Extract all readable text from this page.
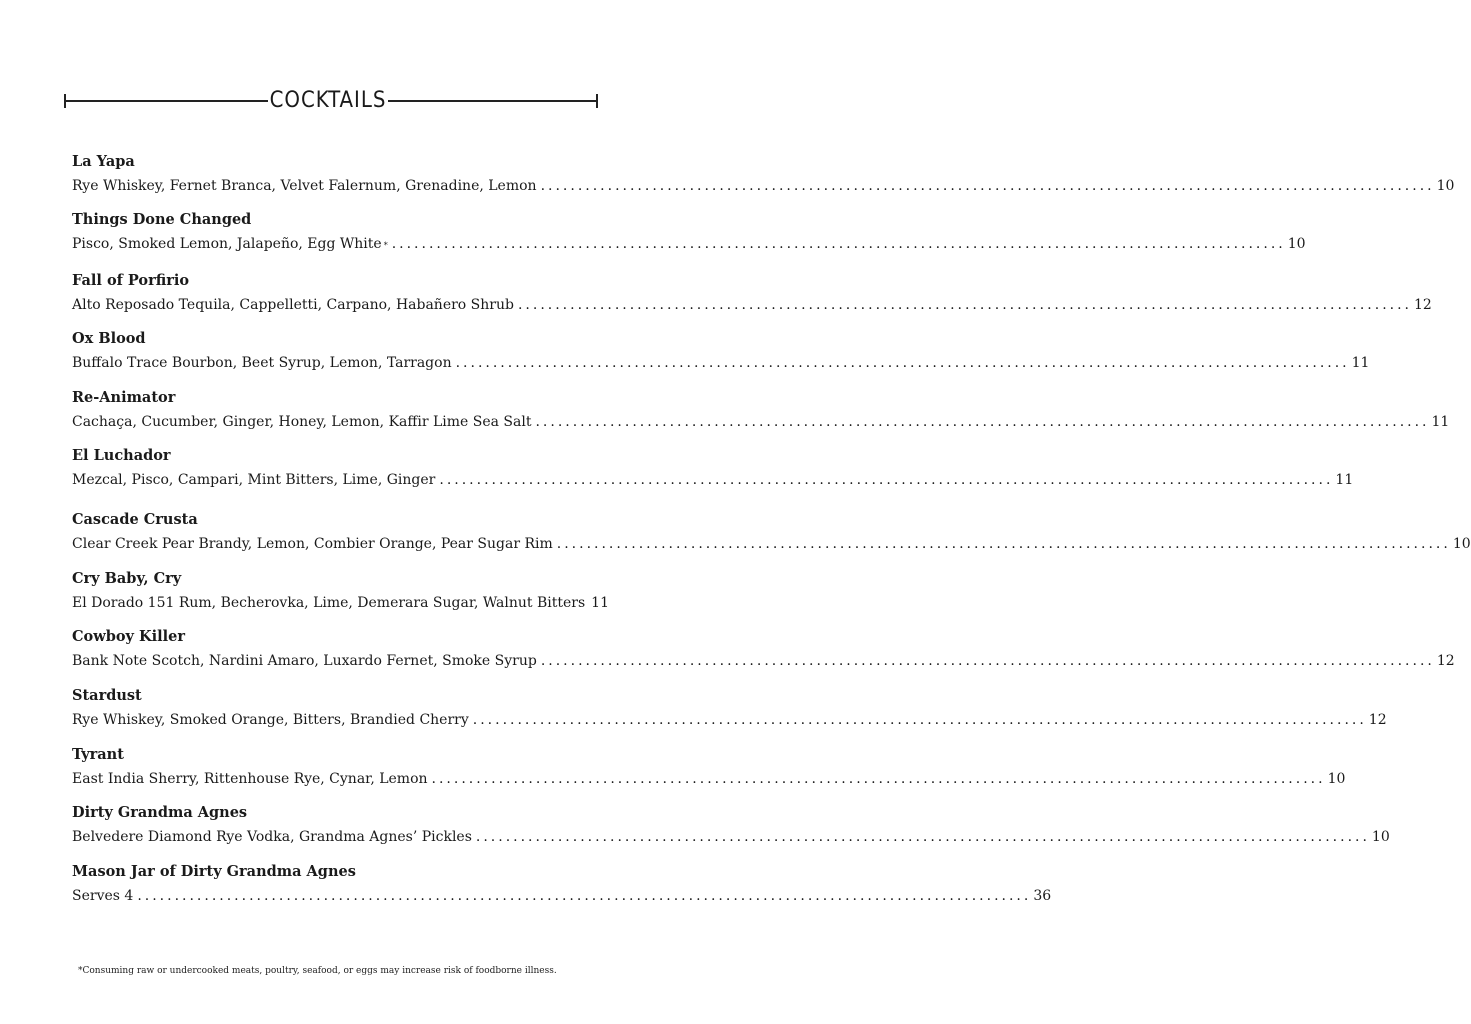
COCKTAILS
La Yapa
Rye Whiskey, Fernet Branca, Velvet Falernum, Grenadine, Lemon ........................................................................................................................ 10
Things Done Changed
Pisco, Smoked Lemon, Jalapeño, Egg White * ........................................................................................................................ 10
Fall of Porfirio
Alto Reposado Tequila, Cappelletti, Carpano, Habañero Shrub ........................................................................................................................ 12
Ox Blood
Buffalo Trace Bourbon, Beet Syrup, Lemon, Tarragon ........................................................................................................................ 11
Re-Animator
Cachaça, Cucumber, Ginger, Honey, Lemon, Kaffir Lime Sea Salt ........................................................................................................................ 11
El Luchador
Mezcal, Pisco, Campari, Mint Bitters, Lime, Ginger ........................................................................................................................ 11
Cascade Crusta
Clear Creek Pear Brandy, Lemon, Combier Orange, Pear Sugar Rim ........................................................................................................................ 10
Cry Baby, Cry
El Dorado 151 Rum, Becherovka, Lime, Demerara Sugar, Walnut Bitters 11
Cowboy Killer
Bank Note Scotch, Nardini Amaro, Luxardo Fernet, Smoke Syrup ........................................................................................................................ 12
Stardust
Rye Whiskey, Smoked Orange, Bitters, Brandied Cherry ........................................................................................................................ 12
Tyrant
East India Sherry, Rittenhouse Rye, Cynar, Lemon ........................................................................................................................ 10
Dirty Grandma Agnes
Belvedere Diamond Rye Vodka, Grandma Agnes’ Pickles ........................................................................................................................ 10
Mason Jar of Dirty Grandma Agnes
Serves 4 ........................................................................................................................ 36
*Consuming raw or undercooked meats, poultry, seafood, or eggs may increase risk of foodborne illness.
